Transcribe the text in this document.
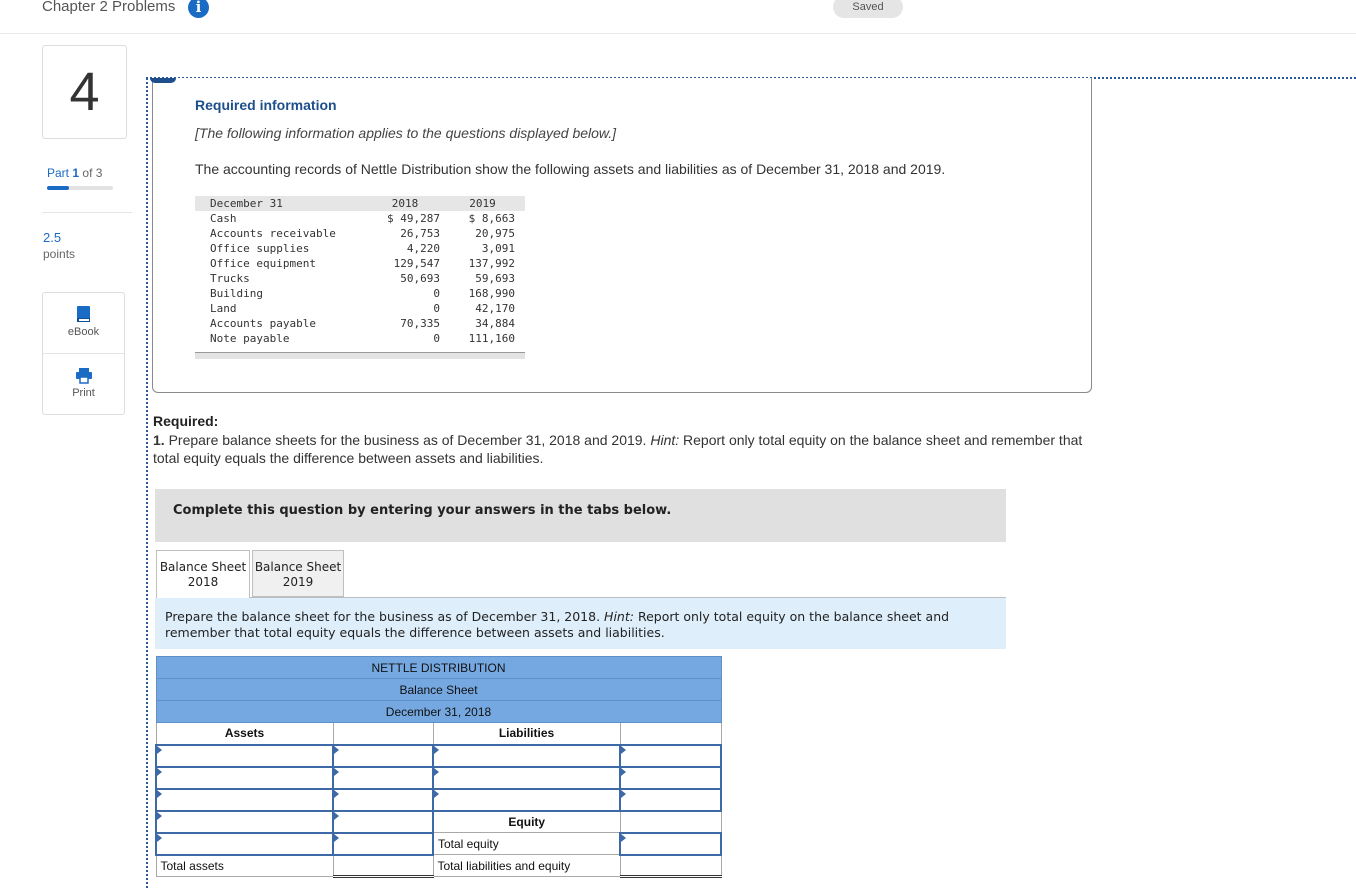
Chapter 2 Problems	i	Saved
4
Part 1 of 3
2.5
points
eBook
Print
Required information
[The following information applies to the questions displayed below.]
The accounting records of Nettle Distribution show the following assets and liabilities as of December 31, 2018 and 2019.
December 31	2018		2019	
Cash	$ 49,287		$ 8,663	
Accounts receivable	26,753		20,975	
Office supplies	4,220		3,091	
Office equipment	129,547		137,992	
Trucks	50,693		59,693	
Building	0		168,990	
Land	0		42,170	
Accounts payable	70,335		34,884	
Note payable	0		111,160	
Required:
1. Prepare balance sheets for the business as of December 31, 2018 and 2019. Hint: Report only total equity on the balance sheet and remember that total equity equals the difference between assets and liabilities.
Complete this question by entering your answers in the tabs below.
Balance Sheet
2018
Balance Sheet
2019
Prepare the balance sheet for the business as of December 31, 2018. Hint: Report only total equity on the balance sheet and remember that total equity equals the difference between assets and liabilities.
NETTLE DISTRIBUTION			
Balance Sheet			
December 31, 2018			
Assets		Liabilities	

		Equity	
		Total equity	
Total assets		Total liabilities and equity	
